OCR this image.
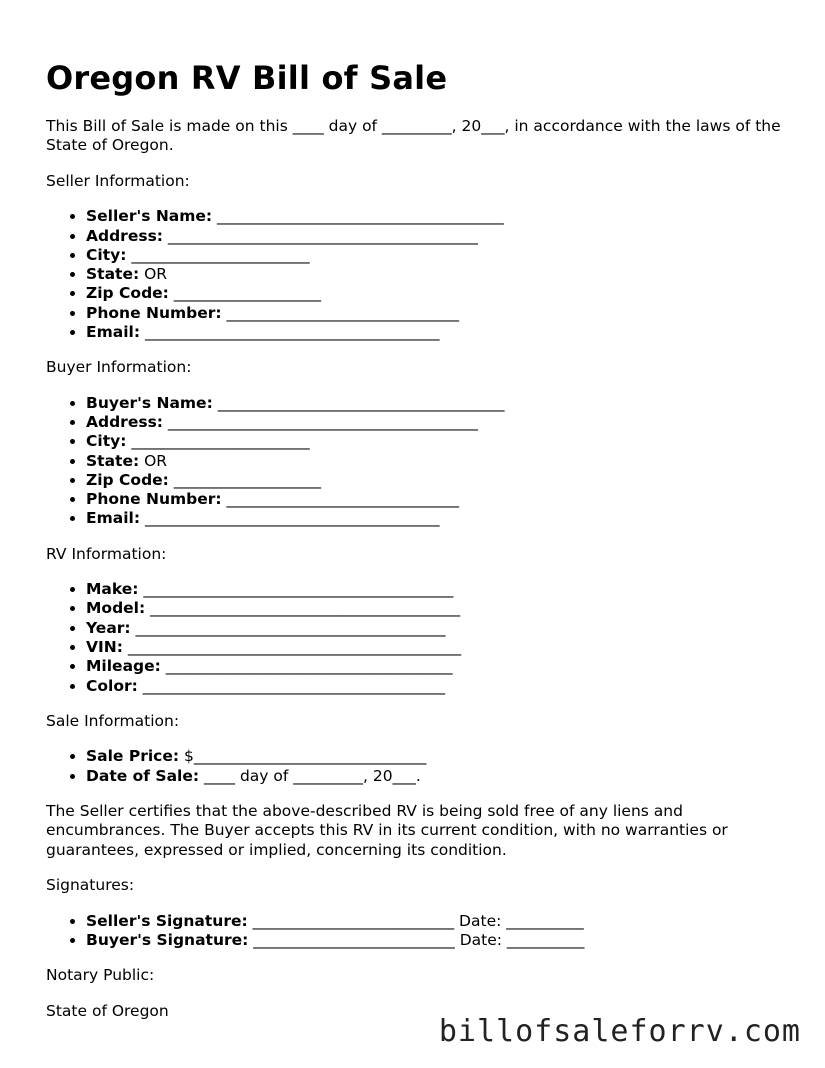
Oregon RV Bill of Sale

This Bill of Sale is made on this ____ day of _________, 20___, in accordance with the laws of the State of Oregon.

Seller Information:

• Seller's Name: _____________________________________
• Address: ________________________________________
• City: _______________________
• State: OR
• Zip Code: ___________________
• Phone Number: ______________________________
• Email: ______________________________________

Buyer Information:

• Buyer's Name: _____________________________________
• Address: ________________________________________
• City: _______________________
• State: OR
• Zip Code: ___________________
• Phone Number: ______________________________
• Email: ______________________________________

RV Information:

• Make: ________________________________________
• Model: ________________________________________
• Year: ________________________________________
• VIN: ___________________________________________
• Mileage: _____________________________________
• Color: _______________________________________

Sale Information:

• Sale Price: $______________________________
• Date of Sale: ____ day of _________, 20___.

The Seller certifies that the above-described RV is being sold free of any liens and encumbrances. The Buyer accepts this RV in its current condition, with no warranties or guarantees, expressed or implied, concerning its condition.

Signatures:

• Seller's Signature: __________________________ Date: __________
• Buyer's Signature: __________________________ Date: __________

Notary Public:

State of Oregon

billofsaleforrv.com
